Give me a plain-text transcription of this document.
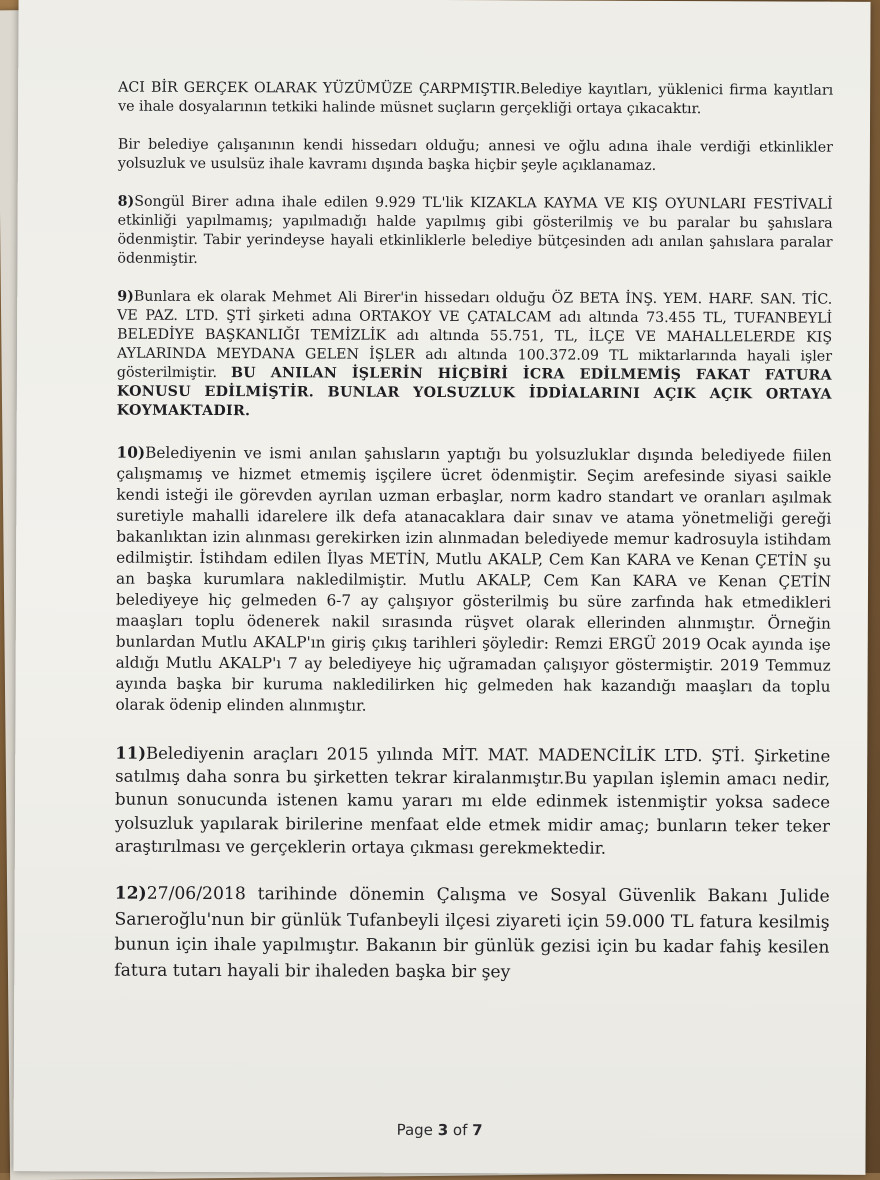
ACI BİR GERÇEK OLARAK YÜZÜMÜZE ÇARPMIŞTIR.Belediye kayıtları, yüklenici firma kayıtları ve ihale dosyalarının tetkiki halinde müsnet suçların gerçekliği ortaya çıkacaktır.

Bir belediye çalışanının kendi hissedarı olduğu; annesi ve oğlu adına ihale verdiği etkinlikler yolsuzluk ve usulsüz ihale kavramı dışında başka hiçbir şeyle açıklanamaz.

8)Songül Birer adına ihale edilen 9.929 TL'lik KIZAKLA KAYMA VE KIŞ OYUNLARI FESTİVALİ etkinliği yapılmamış; yapılmadığı halde yapılmış gibi gösterilmiş ve bu paralar bu şahıslara ödenmiştir. Tabir yerindeyse hayali etkinliklerle belediye bütçesinden adı anılan şahıslara paralar ödenmiştir.

9)Bunlara ek olarak Mehmet Ali Birer'in hissedarı olduğu ÖZ BETA İNŞ. YEM. HARF. SAN. TİC. VE PAZ. LTD. ŞTİ şirketi adına ORTAKOY VE ÇATALCAM adı altında 73.455 TL, TUFANBEYLİ BELEDİYE BAŞKANLIĞI TEMİZLİK adı altında 55.751, TL, İLÇE VE MAHALLELERDE KIŞ AYLARINDA MEYDANA GELEN İŞLER adı altında 100.372.09 TL miktarlarında hayali işler gösterilmiştir. BU ANILAN İŞLERİN HİÇBİRİ İCRA EDİLMEMİŞ FAKAT FATURA KONUSU EDİLMİŞTİR. BUNLAR YOLSUZLUK İDDİALARINI AÇIK AÇIK ORTAYA KOYMAKTADIR.

10)Belediyenin ve ismi anılan şahısların yaptığı bu yolsuzluklar dışında belediyede fiilen çalışmamış ve hizmet etmemiş işçilere ücret ödenmiştir. Seçim arefesinde siyasi saikle kendi isteği ile görevden ayrılan uzman erbaşlar, norm kadro standart ve oranları aşılmak suretiyle mahalli idarelere ilk defa atanacaklara dair sınav ve atama yönetmeliği gereği bakanlıktan izin alınması gerekirken izin alınmadan belediyede memur kadrosuyla istihdam edilmiştir. İstihdam edilen İlyas METİN, Mutlu AKALP, Cem Kan KARA ve Kenan ÇETİN şu an başka kurumlara nakledilmiştir. Mutlu AKALP, Cem Kan KARA ve Kenan ÇETİN belediyeye hiç gelmeden 6-7 ay çalışıyor gösterilmiş bu süre zarfında hak etmedikleri maaşları toplu ödenerek nakil sırasında rüşvet olarak ellerinden alınmıştır. Örneğin bunlardan Mutlu AKALP'ın giriş çıkış tarihleri şöyledir: Remzi ERGÜ 2019 Ocak ayında işe aldığı Mutlu AKALP'ı 7 ay belediyeye hiç uğramadan çalışıyor göstermiştir. 2019 Temmuz ayında başka bir kuruma nakledilirken hiç gelmeden hak kazandığı maaşları da toplu olarak ödenip elinden alınmıştır.

11)Belediyenin araçları 2015 yılında MİT. MAT. MADENCİLİK LTD. ŞTİ. Şirketine satılmış daha sonra bu şirketten tekrar kiralanmıştır.Bu yapılan işlemin amacı nedir, bunun sonucunda istenen kamu yararı mı elde edinmek istenmiştir yoksa sadece yolsuzluk yapılarak birilerine menfaat elde etmek midir amaç; bunların teker teker araştırılması ve gerçeklerin ortaya çıkması gerekmektedir.

12)27/06/2018 tarihinde dönemin Çalışma ve Sosyal Güvenlik Bakanı Julide Sarıeroğlu'nun bir günlük Tufanbeyli ilçesi ziyareti için 59.000 TL fatura kesilmiş bunun için ihale yapılmıştır. Bakanın bir günlük gezisi için bu kadar fahiş kesilen fatura tutarı hayali bir ihaleden başka bir şey

Page 3 of 7
